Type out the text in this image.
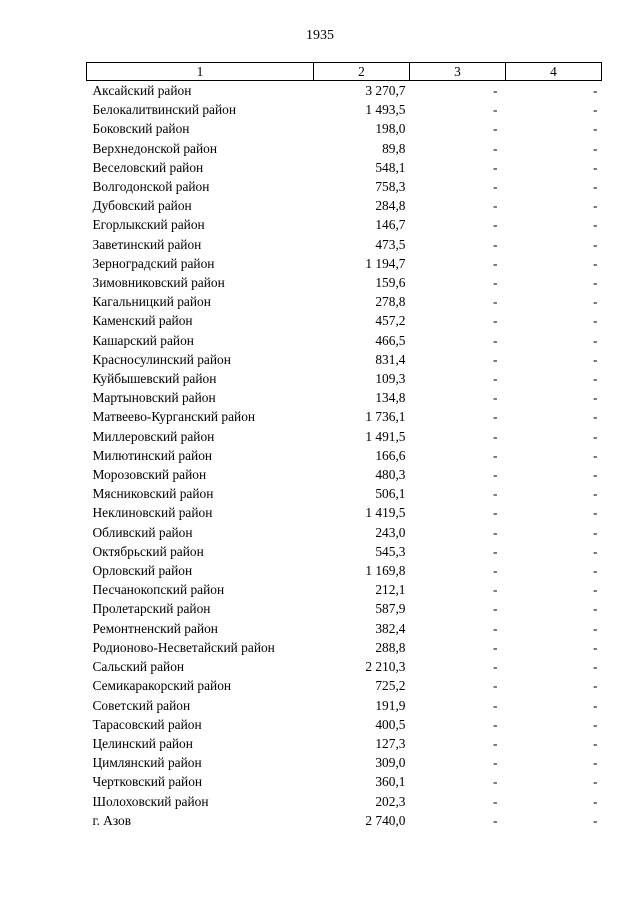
1935
1	2	3	4
Аксайский район	3 270,7	-	-
Белокалитвинский район	1 493,5	-	-
Боковский район	198,0	-	-
Верхнедонской район	89,8	-	-
Веселовский район	548,1	-	-
Волгодонской район	758,3	-	-
Дубовский район	284,8	-	-
Егорлыкский район	146,7	-	-
Заветинский район	473,5	-	-
Зерноградский район	1 194,7	-	-
Зимовниковский район	159,6	-	-
Кагальницкий район	278,8	-	-
Каменский район	457,2	-	-
Кашарский район	466,5	-	-
Красносулинский район	831,4	-	-
Куйбышевский район	109,3	-	-
Мартыновский район	134,8	-	-
Матвеево-Курганский район	1 736,1	-	-
Миллеровский район	1 491,5	-	-
Милютинский район	166,6	-	-
Морозовский район	480,3	-	-
Мясниковский район	506,1	-	-
Неклиновский район	1 419,5	-	-
Обливский район	243,0	-	-
Октябрьский район	545,3	-	-
Орловский район	1 169,8	-	-
Песчанокопский район	212,1	-	-
Пролетарский район	587,9	-	-
Ремонтненский район	382,4	-	-
Родионово-Несветайский район	288,8	-	-
Сальский район	2 210,3	-	-
Семикаракорский район	725,2	-	-
Советский район	191,9	-	-
Тарасовский район	400,5	-	-
Целинский район	127,3	-	-
Цимлянский район	309,0	-	-
Чертковский район	360,1	-	-
Шолоховский район	202,3	-	-
г. Азов	2 740,0	-	-
